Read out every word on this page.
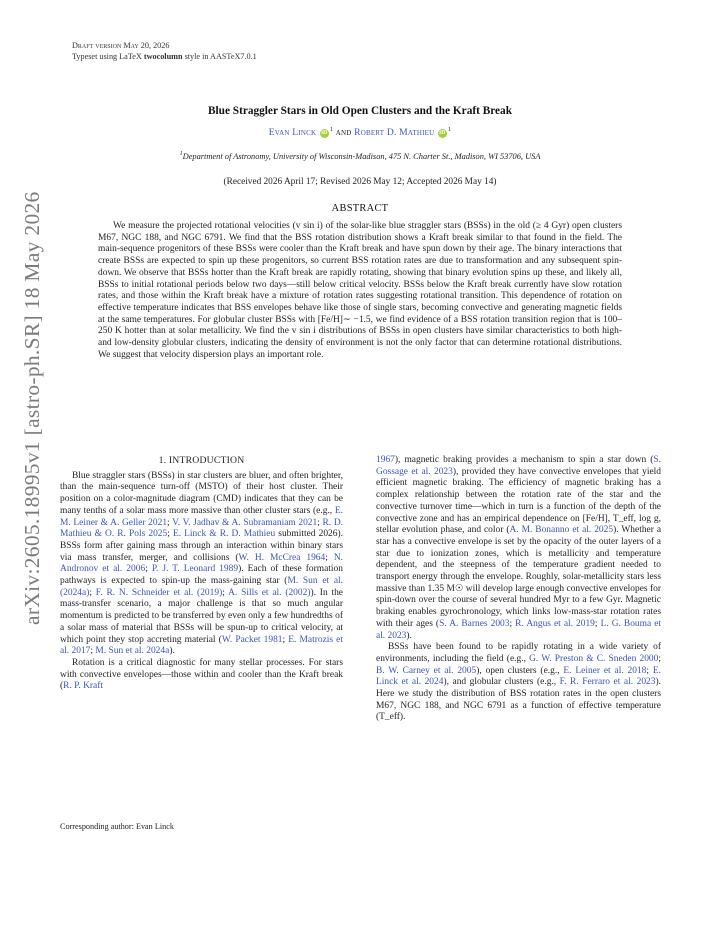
Draft version May 20, 2026
Typeset using LaTeX twocolumn style in AASTeX7.0.1
arXiv:2605.18995v1 [astro-ph.SR] 18 May 2026
Blue Straggler Stars in Old Open Clusters and the Kraft Break
Evan Linck iD $^1$ and Robert D. Mathieu iD $^1$
$^1$Department of Astronomy, University of Wisconsin-Madison, 475 N. Charter St., Madison, WI 53706, USA
(Received 2026 April 17; Revised 2026 May 12; Accepted 2026 May 14)
ABSTRACT
We measure the projected rotational velocities (v sin i) of the solar-like blue straggler stars (BSSs) in the old (≥ 4 Gyr) open clusters M67, NGC 188, and NGC 6791. We find that the BSS rotation distribution shows a Kraft break similar to that found in the field. The main-sequence progenitors of these BSSs were cooler than the Kraft break and have spun down by their age. The binary interactions that create BSSs are expected to spin up these progenitors, so current BSS rotation rates are due to transformation and any subsequent spin-down. We observe that BSSs hotter than the Kraft break are rapidly rotating, showing that binary evolution spins up these, and likely all, BSSs to initial rotational periods below two days—still below critical velocity. BSSs below the Kraft break currently have slow rotation rates, and those within the Kraft break have a mixture of rotation rates suggesting rotational transition. This dependence of rotation on effective temperature indicates that BSS envelopes behave like those of single stars, becoming convective and generating magnetic fields at the same temperatures. For globular cluster BSSs with [Fe/H]∼ −1.5, we find evidence of a BSS rotation transition region that is 100–250 K hotter than at solar metallicity. We find the v sin i distributions of BSSs in open clusters have similar characteristics to both high- and low-density globular clusters, indicating the density of environment is not the only factor that can determine rotational distributions. We suggest that velocity dispersion plays an important role.
1. INTRODUCTION

Blue straggler stars (BSSs) in star clusters are bluer, and often brighter, than the main-sequence turn-off (MSTO) of their host cluster. Their position on a color-magnitude diagram (CMD) indicates that they can be many tenths of a solar mass more massive than other cluster stars (e.g., E. M. Leiner & A. Geller 2021; V. V. Jadhav & A. Subramaniam 2021; R. D. Mathieu & O. R. Pols 2025; E. Linck & R. D. Mathieu submitted 2026). BSSs form after gaining mass through an interaction within binary stars via mass transfer, merger, and collisions (W. H. McCrea 1964; N. Andronov et al. 2006; P. J. T. Leonard 1989). Each of these formation pathways is expected to spin-up the mass-gaining star (M. Sun et al. (2024a); F. R. N. Schneider et al. (2019); A. Sills et al. (2002)). In the mass-transfer scenario, a major challenge is that so much angular momentum is predicted to be transferred by even only a few hundredths of a solar mass of material that BSSs will be spun-up to critical velocity, at which point they stop accreting material (W. Packet 1981; E. Matrozis et al. 2017; M. Sun et al. 2024a).

Rotation is a critical diagnostic for many stellar processes. For stars with convective envelopes—those within and cooler than the Kraft break (R. P. Kraft

1967), magnetic braking provides a mechanism to spin a star down (S. Gossage et al. 2023), provided they have convective envelopes that yield efficient magnetic braking. The efficiency of magnetic braking has a complex relationship between the rotation rate of the star and the convective turnover time—which in turn is a function of the depth of the convective zone and has an empirical dependence on [Fe/H], T_eff, log g, stellar evolution phase, and color (A. M. Bonanno et al. 2025). Whether a star has a convective envelope is set by the opacity of the outer layers of a star due to ionization zones, which is metallicity and temperature dependent, and the steepness of the temperature gradient needed to transport energy through the envelope. Roughly, solar-metallicity stars less massive than 1.35 M☉ will develop large enough convective envelopes for spin-down over the course of several hundred Myr to a few Gyr. Magnetic braking enables gyrochronology, which links low-mass-star rotation rates with their ages (S. A. Barnes 2003; R. Angus et al. 2019; L. G. Bouma et al. 2023).

BSSs have been found to be rapidly rotating in a wide variety of environments, including the field (e.g., G. W. Preston & C. Sneden 2000; B. W. Carney et al. 2005), open clusters (e.g., E. Leiner et al. 2018; E. Linck et al. 2024), and globular clusters (e.g., F. R. Ferraro et al. 2023). Here we study the distribution of BSS rotation rates in the open clusters M67, NGC 188, and NGC 6791 as a function of effective temperature (T_eff).

Corresponding author: Evan Linck
